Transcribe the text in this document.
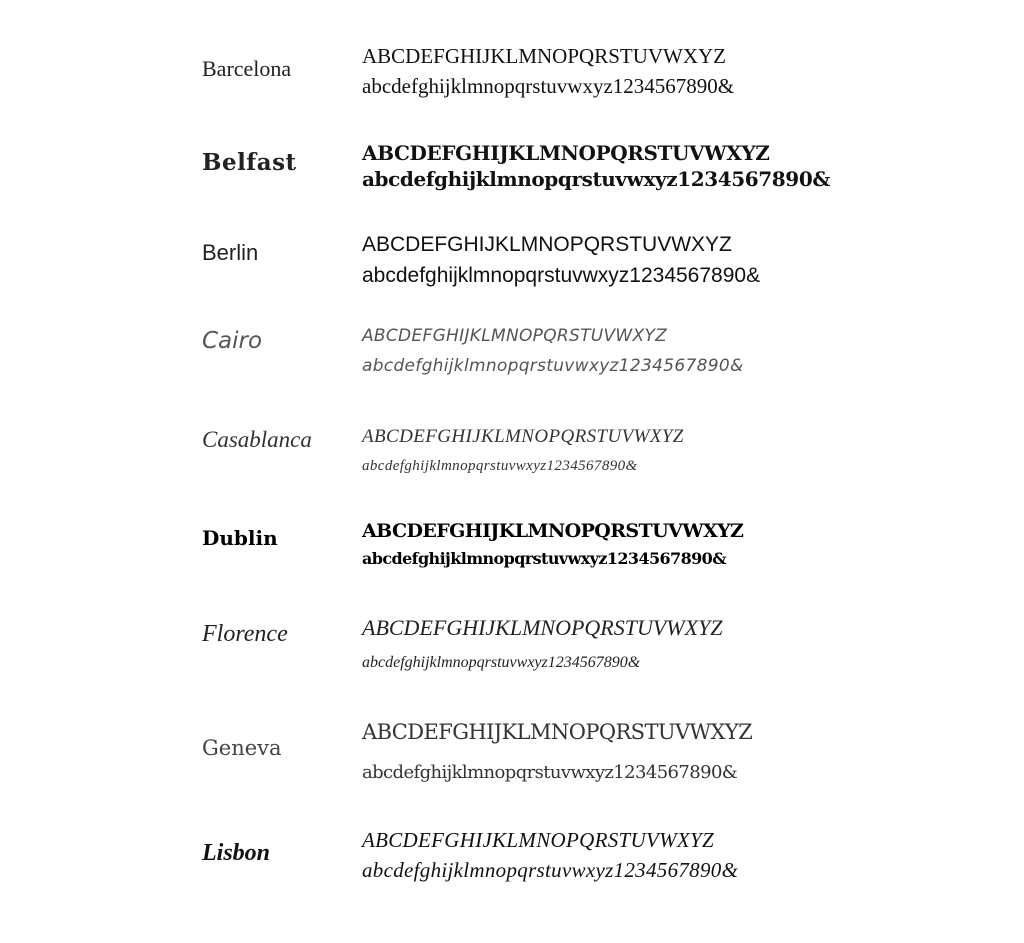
Barcelona	ABCDEFGHIJKLMNOPQRSTUVWXYZ
abcdefghijklmnopqrstuvwxyz1234567890&
Belfast	ABCDEFGHIJKLMNOPQRSTUVWXYZ
abcdefghijklmnopqrstuvwxyz1234567890&
Berlin	ABCDEFGHIJKLMNOPQRSTUVWXYZ
abcdefghijklmnopqrstuvwxyz1234567890&
Cairo	ABCDEFGHIJKLMNOPQRSTUVWXYZ
abcdefghijklmnopqrstuvwxyz1234567890&
Casablanca	ABCDEFGHIJKLMNOPQRSTUVWXYZ
abcdefghijklmnopqrstuvwxyz1234567890&
Dublin	ABCDEFGHIJKLMNOPQRSTUVWXYZ
abcdefghijklmnopqrstuvwxyz1234567890&
Florence	ABCDEFGHIJKLMNOPQRSTUVWXYZ
abcdefghijklmnopqrstuvwxyz1234567890&
Geneva
ABCDEFGHIJKLMNOPQRSTUVWXYZ
abcdefghijklmnopqrstuvwxyz1234567890&
Lisbon	ABCDEFGHIJKLMNOPQRSTUVWXYZ
abcdefghijklmnopqrstuvwxyz1234567890&
